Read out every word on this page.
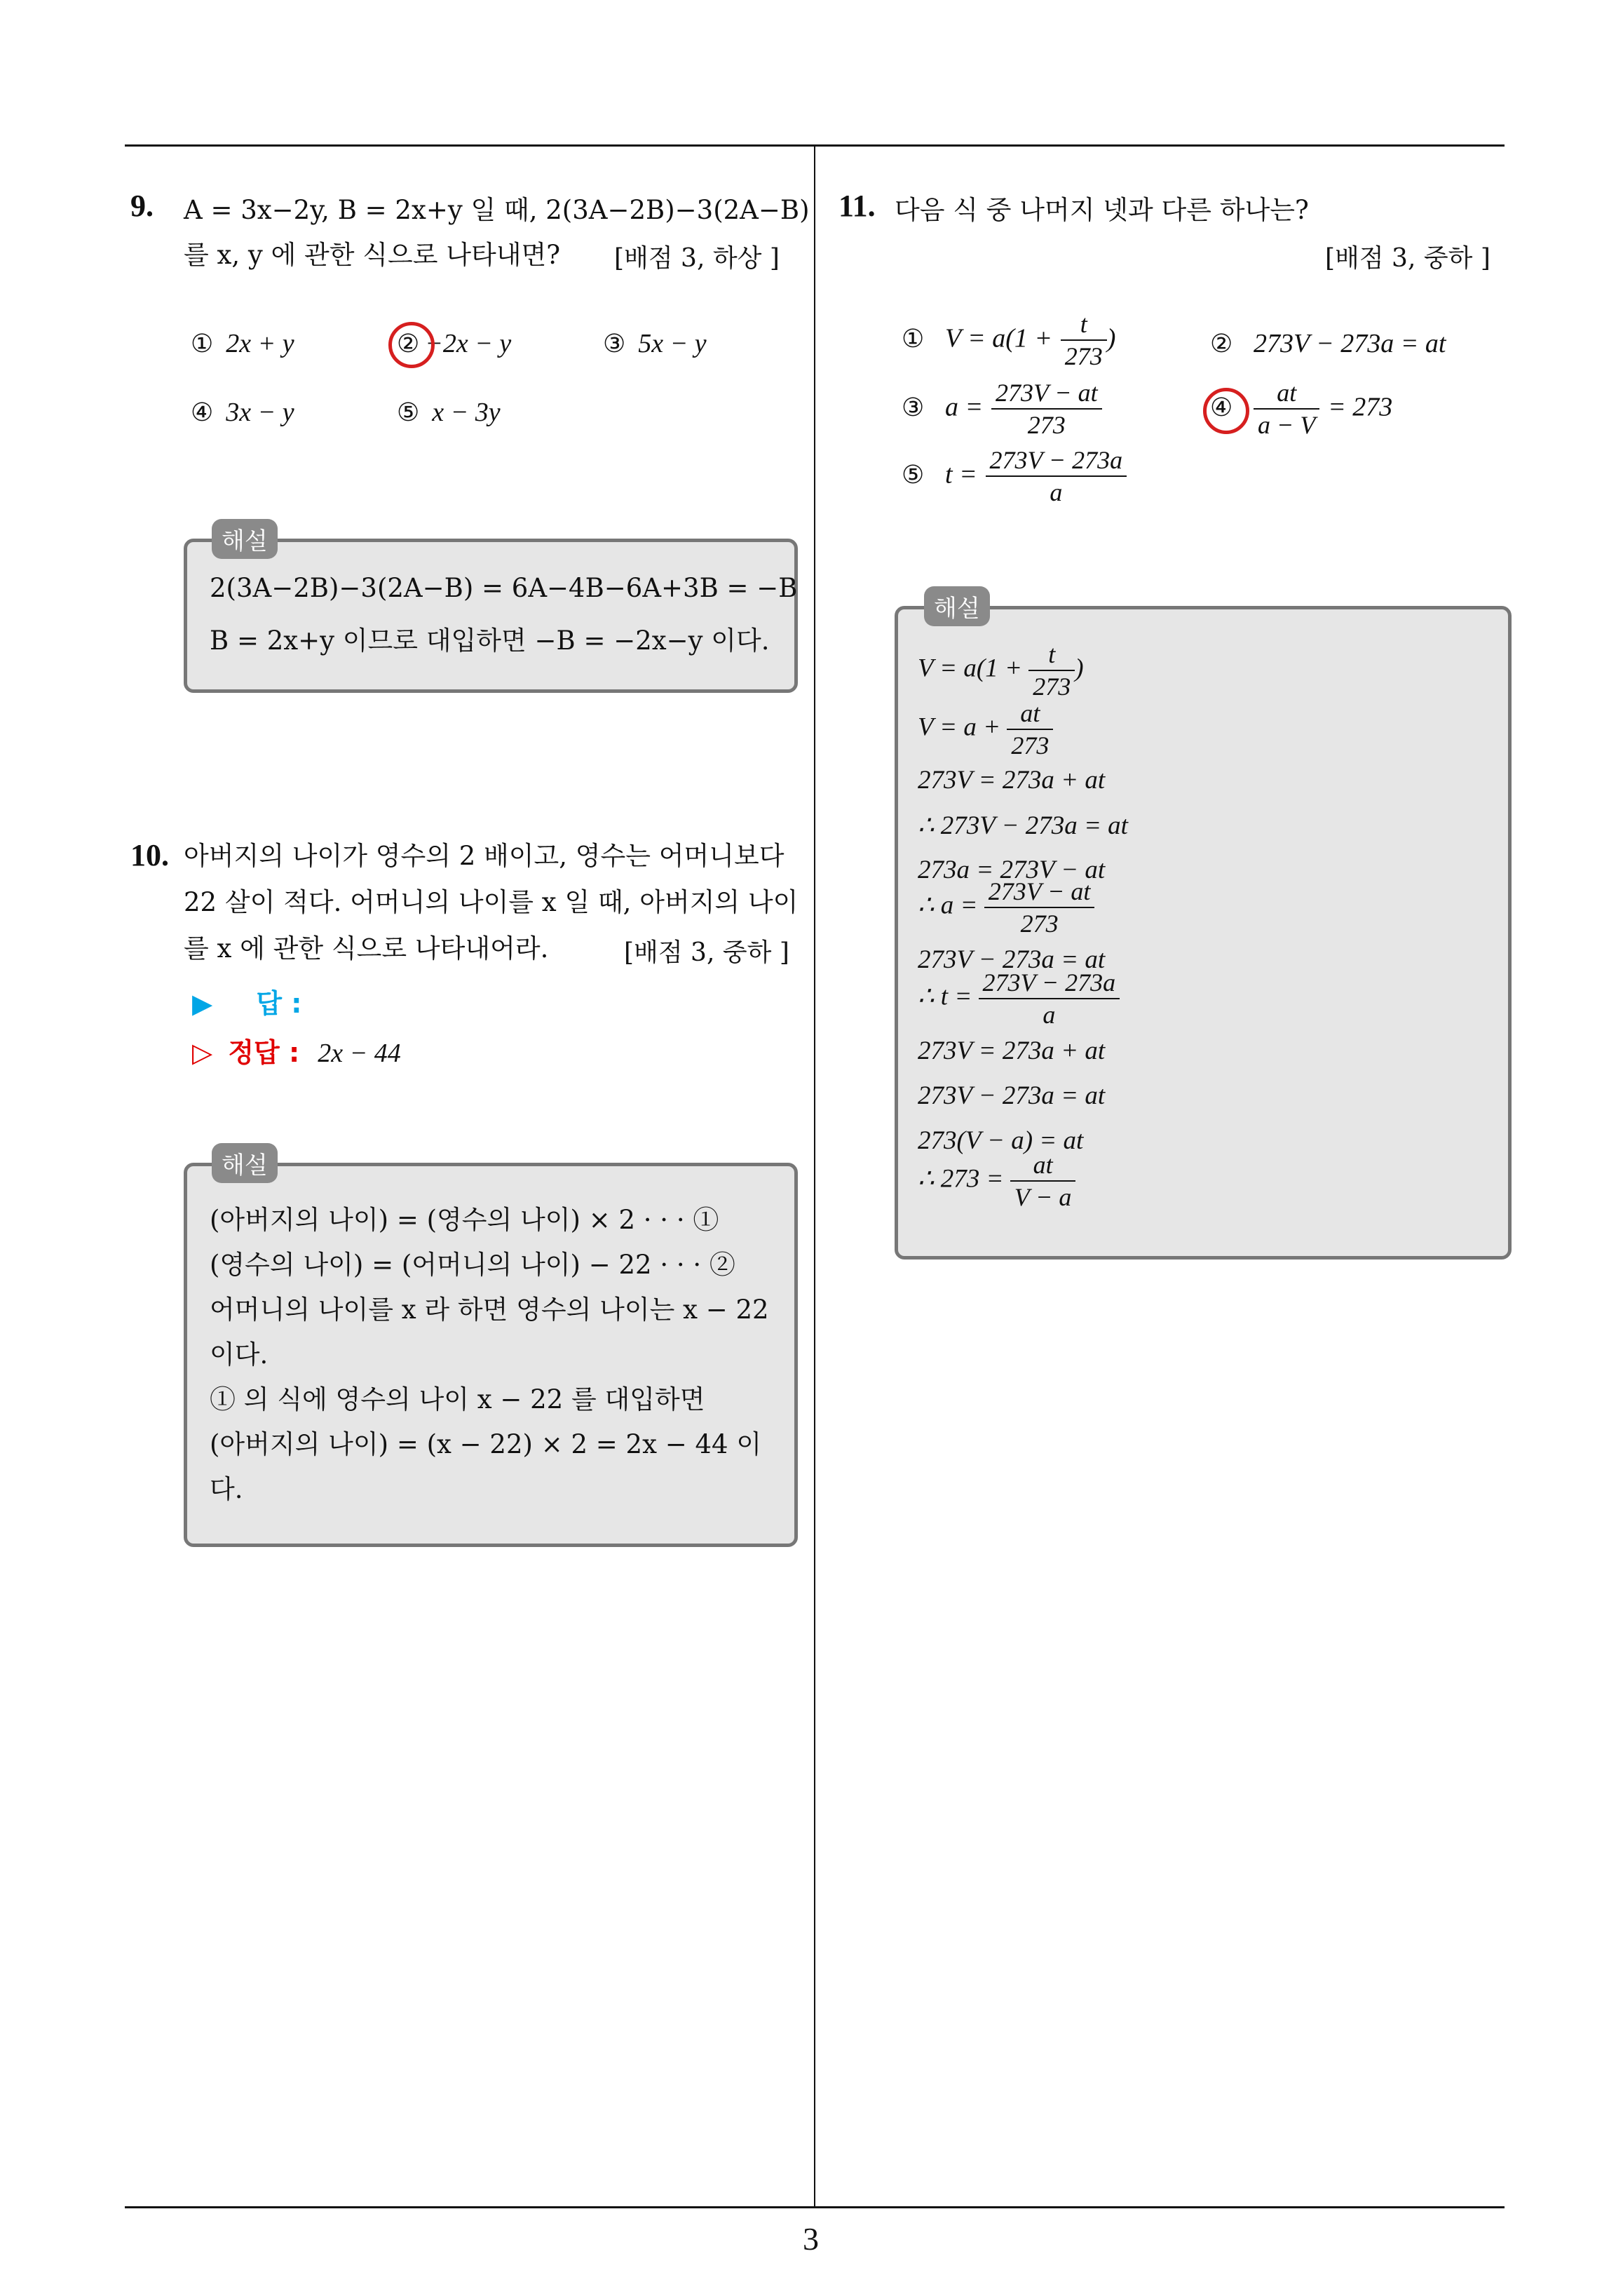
3
9. A = 3x−2y, B = 2x+y 일 때, 2(3A−2B)−3(2A−B)
를 x, y 에 관한 식으로 나타내면? [배점 3, 하상 ]
① 2x + y	② −2x − y	③ 5x − y
④ 3x − y	⑤ x − 3y
2(3A−2B)−3(2A−B) = 6A−4B−6A+3B = −B
B = 2x+y 이므로 대입하면 −B = −2x−y 이다.
해설
10. 아버지의 나이가 영수의 2 배이고, 영수는 어머니보다
22 살이 적다. 어머니의 나이를 x 일 때, 아버지의 나이
를 x 에 관한 식으로 나타내어라.	[배점 3, 중하 ]
▶ 답 :
▷ 정답 : 2x − 44
(아버지의 나이) = (영수의 나이) × 2 · · · ①
(영수의 나이) = (어머니의 나이) − 22 · · · ②
어머니의 나이를 x 라 하면 영수의 나이는 x − 22
이다.
① 의 식에 영수의 나이 x − 22 를 대입하면
(아버지의 나이) = (x − 22) × 2 = 2x − 44 이
다.
해설
11. 다음 식 중 나머지 넷과 다른 하나는?
[배점 3, 중하 ]
① $V = a(1 + \frac{t}{273}$ )	② 273V − 273a = at
③ $a = \frac{273V - at}{273}$	④ $\frac{at}{a - V} = 273$
⑤ $t = \frac{273V - 273a}{a}$
$V = a(1 + \frac{t}{273}$ )
$V = a + \frac{at}{273}$
273V = 273a + at
∴ 273V − 273a = at
273a = 273V − at
∴ $a = \frac{273V - at}{273}$
273V − 273a = at
∴ $t = \frac{273V - 273a}{a}$
273V = 273a + at
273V − 273a = at
273(V − a) = at
∴ $273 = \frac{at}{V - a}$
해설
